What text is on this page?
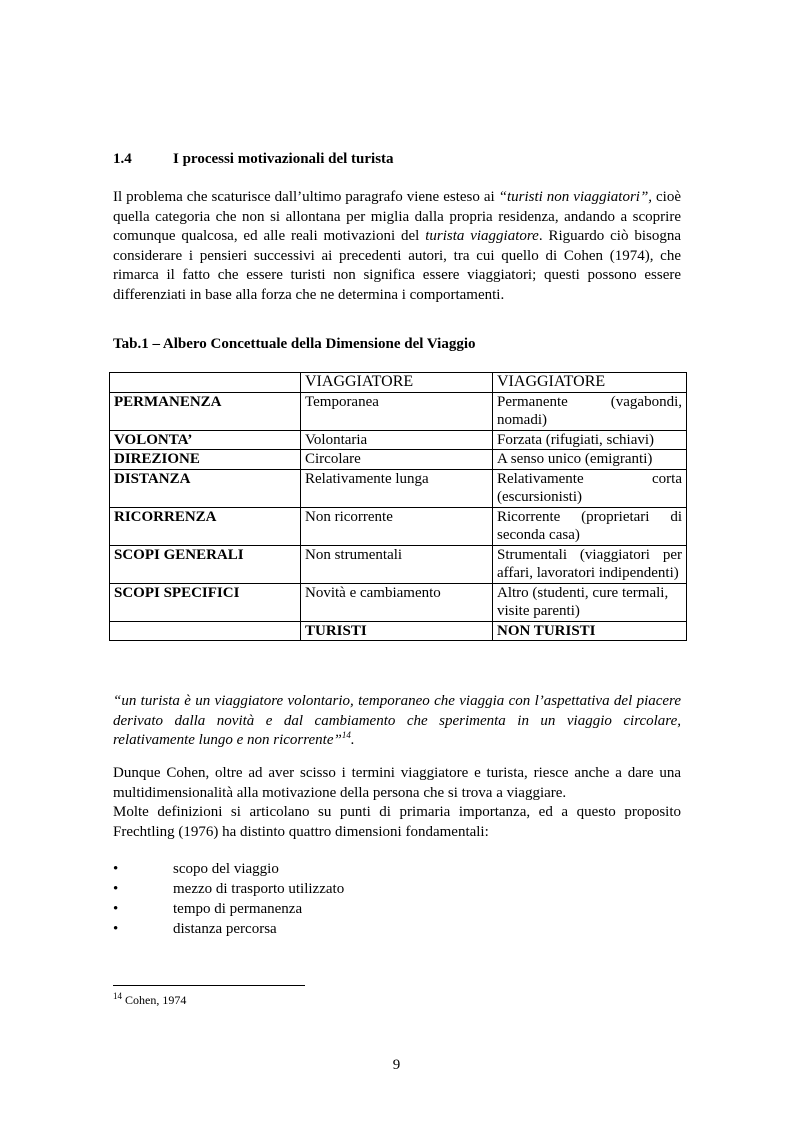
1.4	I processi motivazionali del turista

Il problema che scaturisce dall’ultimo paragrafo viene esteso ai “turisti non viaggiatori”, cioè quella categoria che non si allontana per miglia dalla propria residenza, andando a scoprire comunque qualcosa, ed alle reali motivazioni del turista viaggiatore. Riguardo ciò bisogna considerare i pensieri successivi ai precedenti autori, tra cui quello di Cohen (1974), che rimarca il fatto che essere turisti non significa essere viaggiatori; questi possono essere differenziati in base alla forza che ne determina i comportamenti.

Tab.1 – Albero Concettuale della Dimensione del Viaggio
	VIAGGIATORE	VIAGGIATORE
PERMANENZA	Temporanea	Permanente (vagabondi, nomadi)
VOLONTA’	Volontaria	Forzata (rifugiati, schiavi)
DIREZIONE	Circolare	A senso unico (emigranti)
DISTANZA	Relativamente lunga	Relativamente corta (escursionisti)
RICORRENZA	Non ricorrente	Ricorrente (proprietari di seconda casa)
SCOPI GENERALI	Non strumentali	Strumentali (viaggiatori per affari, lavoratori indipendenti)
SCOPI SPECIFICI	Novità e cambiamento	Altro (studenti, cure termali, visite parenti)
	TURISTI	NON TURISTI

“un turista è un viaggiatore volontario, temporaneo che viaggia con l’aspettativa del piacere derivato dalla novità e dal cambiamento che sperimenta in un viaggio circolare, relativamente lungo e non ricorrente”$^{14}$.

Dunque Cohen, oltre ad aver scisso i termini viaggiatore e turista, riesce anche a dare una multidimensionalità alla motivazione della persona che si trova a viaggiare.
Molte definizioni si articolano su punti di primaria importanza, ed a questo proposito Frechtling (1976) ha distinto quattro dimensioni fondamentali:

•	scopo del viaggio
•	mezzo di trasporto utilizzato
•	tempo di permanenza
•	distanza percorsa
$^{14}$ Cohen, 1974
9
